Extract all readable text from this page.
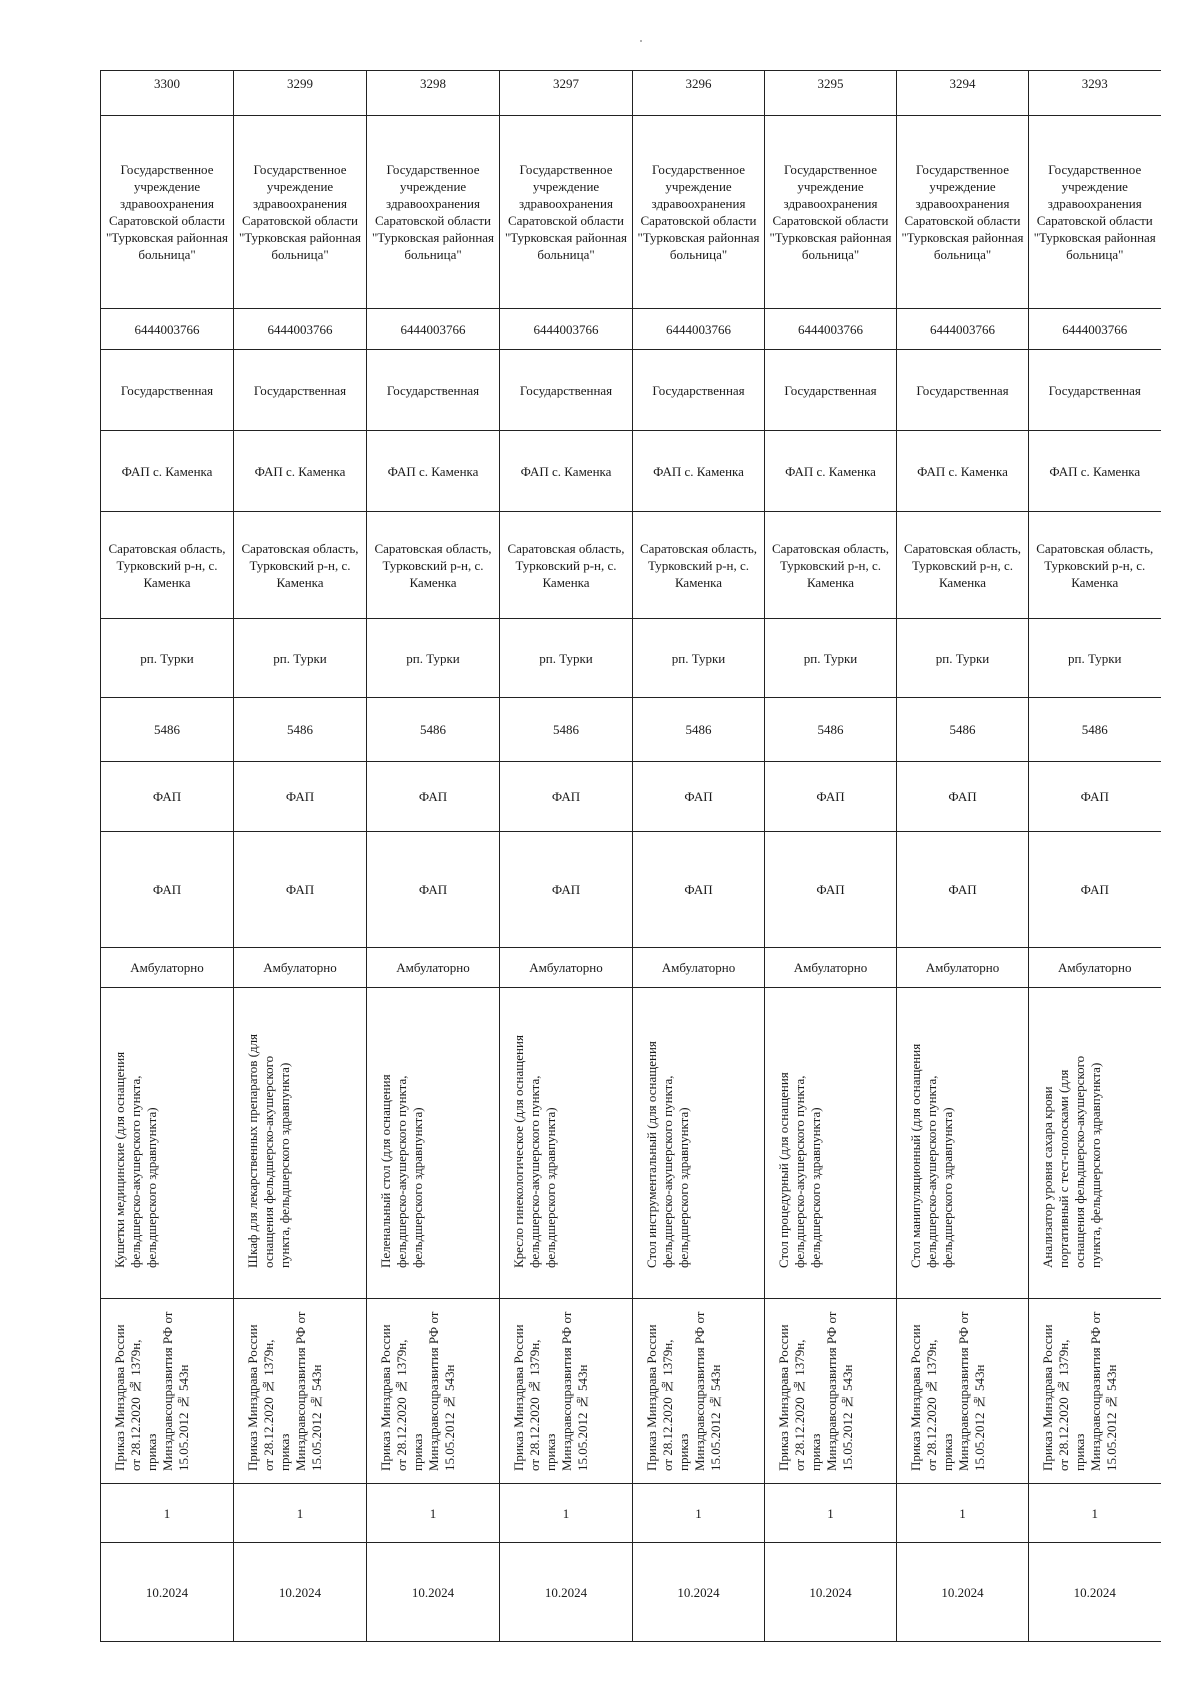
3300	3299	3298	3297	3296	3295	3294	3293
Государственное учреждение здравоохранения Саратовской области "Турковская районная больница"	Государственное учреждение здравоохранения Саратовской области "Турковская районная больница"	Государственное учреждение здравоохранения Саратовской области "Турковская районная больница"	Государственное учреждение здравоохранения Саратовской области "Турковская районная больница"	Государственное учреждение здравоохранения Саратовской области "Турковская районная больница"	Государственное учреждение здравоохранения Саратовской области "Турковская районная больница"	Государственное учреждение здравоохранения Саратовской области "Турковская районная больница"	Государственное учреждение здравоохранения Саратовской области "Турковская районная больница"
6444003766	6444003766	6444003766	6444003766	6444003766	6444003766	6444003766	6444003766
Государственная	Государственная	Государственная	Государственная	Государственная	Государственная	Государственная	Государственная
ФАП с. Каменка	ФАП с. Каменка	ФАП с. Каменка	ФАП с. Каменка	ФАП с. Каменка	ФАП с. Каменка	ФАП с. Каменка	ФАП с. Каменка
Саратовская область, Турковский р-н, с. Каменка	Саратовская область, Турковский р-н, с. Каменка	Саратовская область, Турковский р-н, с. Каменка	Саратовская область, Турковский р-н, с. Каменка	Саратовская область, Турковский р-н, с. Каменка	Саратовская область, Турковский р-н, с. Каменка	Саратовская область, Турковский р-н, с. Каменка	Саратовская область, Турковский р-н, с. Каменка
рп. Турки	рп. Турки	рп. Турки	рп. Турки	рп. Турки	рп. Турки	рп. Турки	рп. Турки
5486	5486	5486	5486	5486	5486	5486	5486
ФАП	ФАП	ФАП	ФАП	ФАП	ФАП	ФАП	ФАП
ФАП	ФАП	ФАП	ФАП	ФАП	ФАП	ФАП	ФАП
Амбулаторно	Амбулаторно	Амбулаторно	Амбулаторно	Амбулаторно	Амбулаторно	Амбулаторно	Амбулаторно

Кушетки медицинские (для оснащения фельдшерско-акушерского пункта, фельдшерского здравпункта)	Шкаф для лекарственных препаратов (для оснащения фельдшерско-акушерского пункта, фельдшерского здравпункта)	Пеленальный стол (для оснащения фельдшерско-акушерского пункта, фельдшерского здравпункта)	Кресло гинекологическое (для оснащения фельдшерско-акушерского пункта, фельдшерского здравпункта)	Стол инструментальный (для оснащения фельдшерско-акушерского пункта, фельдшерского здравпункта)	Стол процедурный (для оснащения фельдшерско-акушерского пункта, фельдшерского здравпункта)	Стол манипуляционный (для оснащения фельдшерско-акушерского пункта, фельдшерского здравпункта)	Анализатор уровня сахара крови портативный с тест-полосками (для оснащения фельдшерско-акушерского пункта, фельдшерского здравпункта)

Приказ Минздрава России от 28.12.2020 № 1379н, приказ Минздравсоцразвития РФ от 15.05.2012 № 543н	Приказ Минздрава России от 28.12.2020 № 1379н, приказ Минздравсоцразвития РФ от 15.05.2012 № 543н	Приказ Минздрава России от 28.12.2020 № 1379н, приказ Минздравсоцразвития РФ от 15.05.2012 № 543н	Приказ Минздрава России от 28.12.2020 № 1379н, приказ Минздравсоцразвития РФ от 15.05.2012 № 543н	Приказ Минздрава России от 28.12.2020 № 1379н, приказ Минздравсоцразвития РФ от 15.05.2012 № 543н	Приказ Минздрава России от 28.12.2020 № 1379н, приказ Минздравсоцразвития РФ от 15.05.2012 № 543н	Приказ Минздрава России от 28.12.2020 № 1379н, приказ Минздравсоцразвития РФ от 15.05.2012 № 543н	Приказ Минздрава России от 28.12.2020 № 1379н, приказ Минздравсоцразвития РФ от 15.05.2012 № 543н

1	1	1	1	1	1	1	1
10.2024	10.2024	10.2024	10.2024	10.2024	10.2024	10.2024	10.2024
